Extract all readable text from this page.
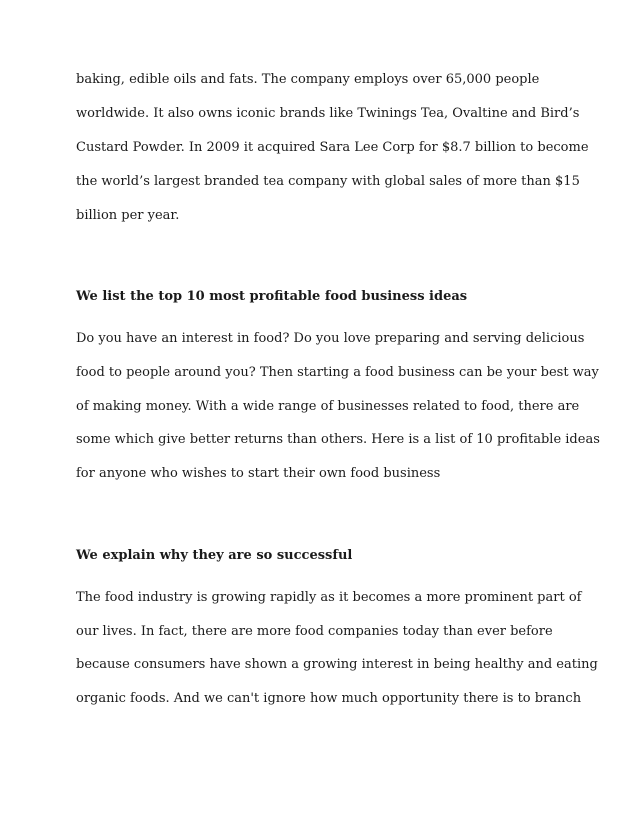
baking, edible oils and fats. The company employs over 65,000 people

worldwide. It also owns iconic brands like Twinings Tea, Ovaltine and Bird’s

Custard Powder. In 2009 it acquired Sara Lee Corp for $8.7 billion to become

the world’s largest branded tea company with global sales of more than $15

billion per year.

We list the top 10 most profitable food business ideas

Do you have an interest in food? Do you love preparing and serving delicious

food to people around you? Then starting a food business can be your best way

of making money. With a wide range of businesses related to food, there are

some which give better returns than others. Here is a list of 10 profitable ideas

for anyone who wishes to start their own food business

We explain why they are so successful

The food industry is growing rapidly as it becomes a more prominent part of

our lives. In fact, there are more food companies today than ever before

because consumers have shown a growing interest in being healthy and eating

organic foods. And we can't ignore how much opportunity there is to branch
